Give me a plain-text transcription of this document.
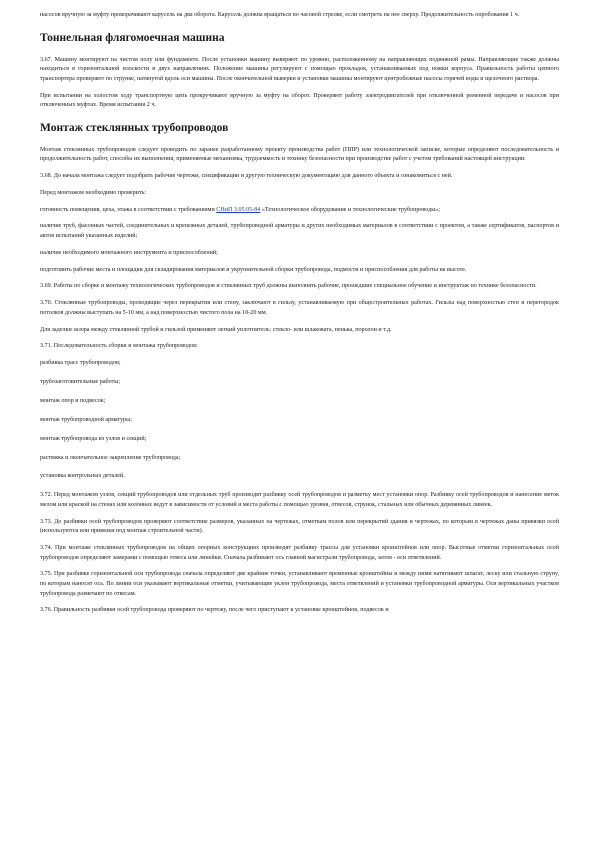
насосов вручную за муфту проворачивают карусель на два оборота. Карусель должна вращаться по часовой стрелке, если смотреть на нее сверху. Продолжительность опробования 1 ч.

Тоннельная флягомоечная машина

3.67. Машину монтируют на чистом полу или фундаменте. После установки машину выверяют по уровню, расположенному на направляющих подвижной рамы. Направляющие также должны находиться в горизонтальной плоскости в двух направлениях. Положение машины регулируют с помощью прокладок, устанавливаемых под ножки корпуса. Правильность работы цепного транспортера проверяют по струнке, натянутой вдоль оси машины. После окончательной выверки и установки машины монтируют центробежные насосы горячей воды и щелочного раствора.

При испытании на холостом ходу транспортную цепь прокручивают вручную за муфту на оборот. Проверяют работу электродвигателей при отключенной ременной передаче и насосов при отключенных муфтах. Время испытания 2 ч.

Монтаж стеклянных трубопроводов

Монтаж стеклянных трубопроводов следует проводить по заранее разработанному проекту производства работ (ППР) или технологической записке, которые определяют последовательность и продолжительность работ, способы их выполнения, применяемые механизмы, трудоемкость и технику безопасности при производстве работ с учетом требований настоящей инструкции.

3.68. До начала монтажа следует подобрать рабочие чертежи, спецификации и другую техническую документацию для данного объекта и ознакомиться с ней.

Перед монтажом необходимо проверить:

готовность помещения, цеха, этажа в соответствии с требованиями СНиП 3.05.05-84 «Технологическое оборудование и технологические трубопроводы»;

наличие труб, фасонных частей, соединительных и крепежных деталей, трубопроводной арматуры и других необходимых материалов в соответствии с проектом, а также сертификатов, паспортов и актов испытаний указанных изделий;

наличие необходимого монтажного инструмента и приспособлений;

подготовить рабочие места и площадки для складирования материалов и укрупнительной сборки трубопровода, подмости и приспособления для работы на высоте.

3.69. Работы по сборке и монтажу технологических трубопроводов и стеклянных труб должны выполнять рабочие, прошедшие специальное обучение и инструктаж по технике безопасности.

3.70. Стеклянные трубопроводы, проходящие через перекрытия или стену, заключают в гильзу, устанавливаемую при общестроительных работах. Гильзы над поверхностью стен и перегородок потолков должны выступать на 5-10 мм, а над поверхностью чистого пола на 10-20 мм.

Для заделки зазора между стеклянной трубой и гильзой применяют легкий уплотнитель: стекло- или шлаковата, пенька, поролон и т.д.

3.71. Последовательность сборки и монтажа трубопроводов:

разбивка трасс трубопроводов;

трубозаготовительные работы;

монтаж опор и подвесок;

монтаж трубопроводной арматуры;

монтаж трубопровода из узлов и секций;

растяжка и окончательное закрепление трубопровода;

установка контрольных деталей.

3.72. Перед монтажом узлов, секций трубопроводов или отдельных труб производят разбивку осей трубопроводов и разметку мест установки опор. Разбивку осей трубопроводов и нанесение меток мелом или краской на стенах или колоннах ведут в зависимости от условий и места работы с помощью уровня, отвесов, струнок, стальных или обычных деревянных линеек.

3.73. До разбивки осей трубопроводов проверяют соответствие размеров, указанных на чертежах, отметкам полов или перекрытий здания и чертежах, по которым в чертежах даны привязки осей (используются или привязки под монтаж строительной части).

3.74. При монтаже стеклянных трубопроводов на общих опорных конструкциях производят разбивку трассы для установки кронштейнов или опор. Высотные отметки горизонтальных осей трубопроводов определяют замерами с помощью отвеса или линейки. Сначала разбивают ось главной магистрали трубопровода, затем - оси ответвлений.

3.75. При разбивке горизонтальной оси трубопровода сначала определяют две крайние точки, устанавливают временные кронштейны и между ними натягивают шпагат, леску или стальную струну, по которым наносят ось. По линии оси указывают вертикальные отметки, учитывающие уклон трубопровода, места ответвлений и установки трубопроводной арматуры. Оси вертикальных участков трубопровода размечают по отвесам.

3.76. Правильность разбивки осей трубопровода проверяют по чертежу, после чего приступают к установке кронштейнов, подвесок и
